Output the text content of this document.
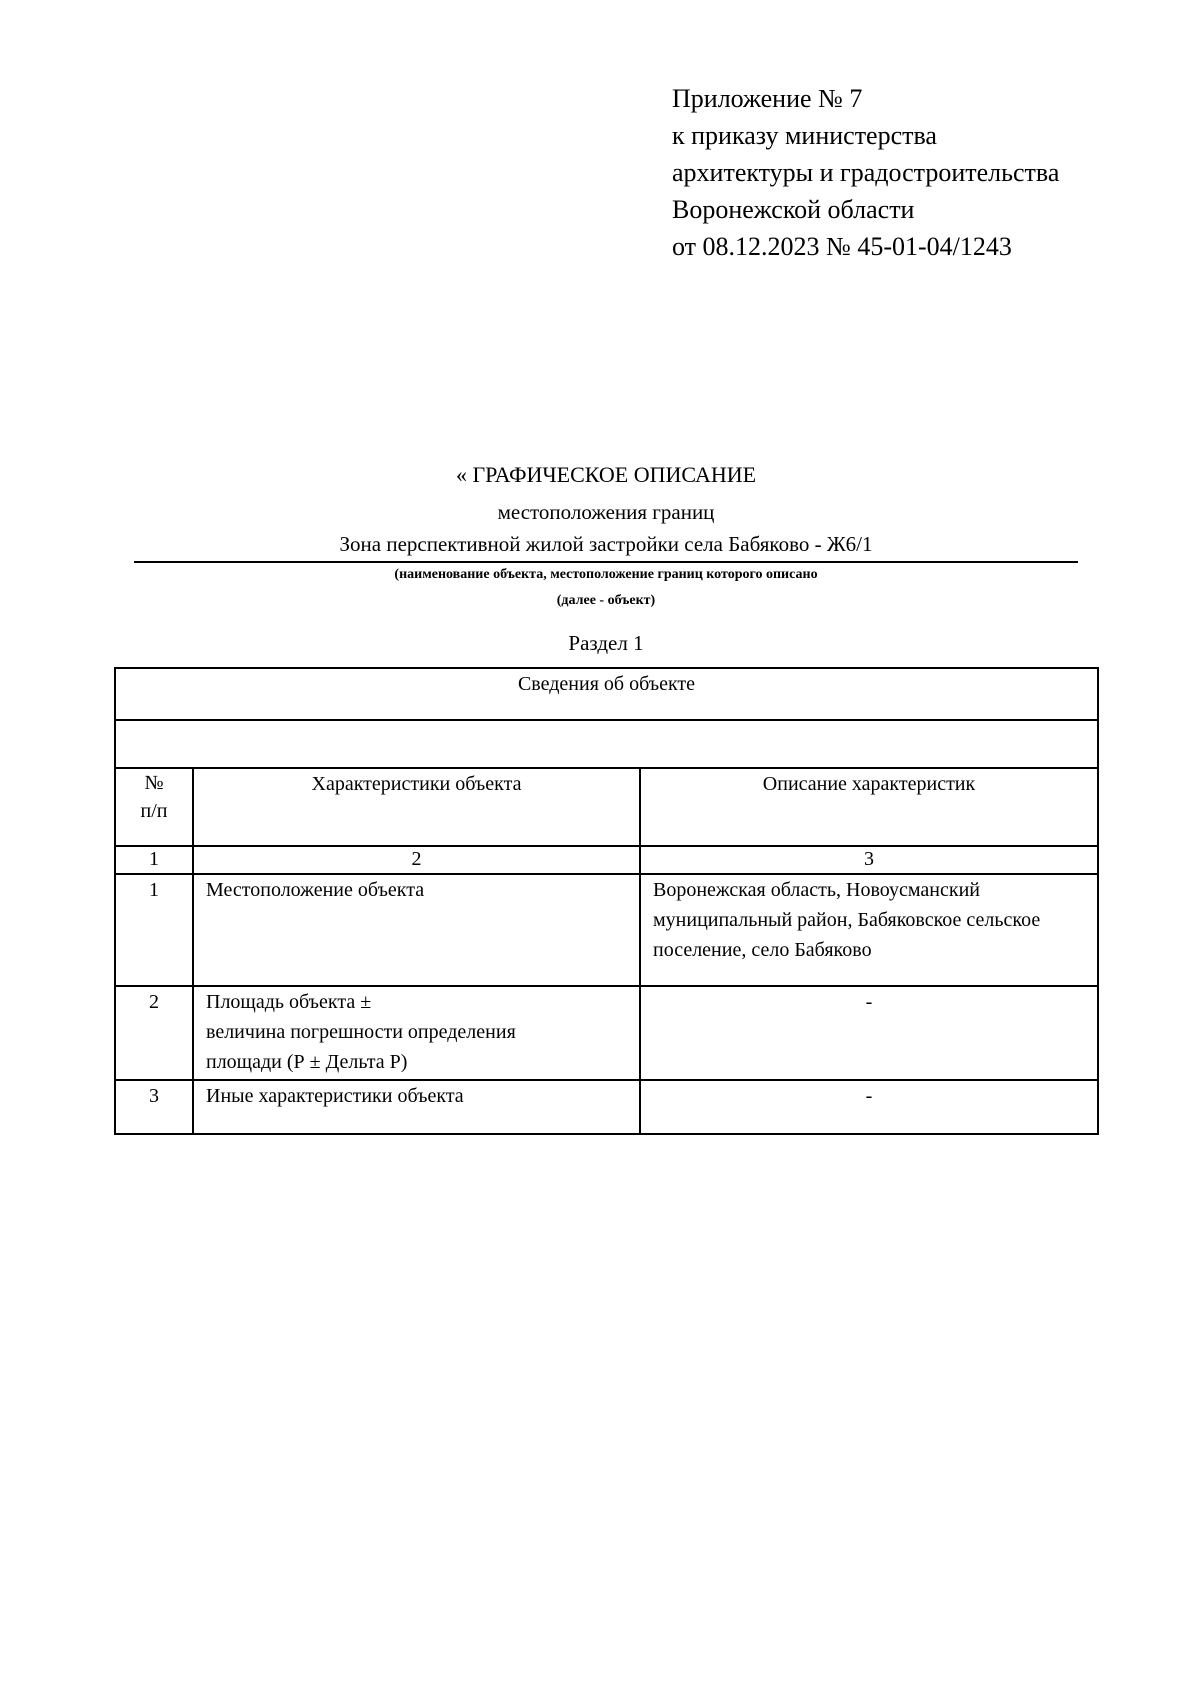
Приложение № 7
к приказу министерства
архитектуры и градостроительства
Воронежской области
от 08.12.2023 № 45-01-04/1243
« ГРАФИЧЕСКОЕ ОПИСАНИЕ
местоположения границ
Зона перспективной жилой застройки села Бабяково - Ж6/1
(наименование объекта, местоположение границ которого описано
(далее - объект)
Раздел 1
Сведения об объекте		

№
п/п	Характеристики объекта	Описание характеристик
1	2	3
1	Местоположение объекта	Воронежская область, Новоусманский муниципальный район, Бабяковское сельское поселение, село Бабяково
2	Площадь объекта ±
величина погрешности определения
площади (Р ± Дельта Р)	-
3	Иные характеристики объекта	-
